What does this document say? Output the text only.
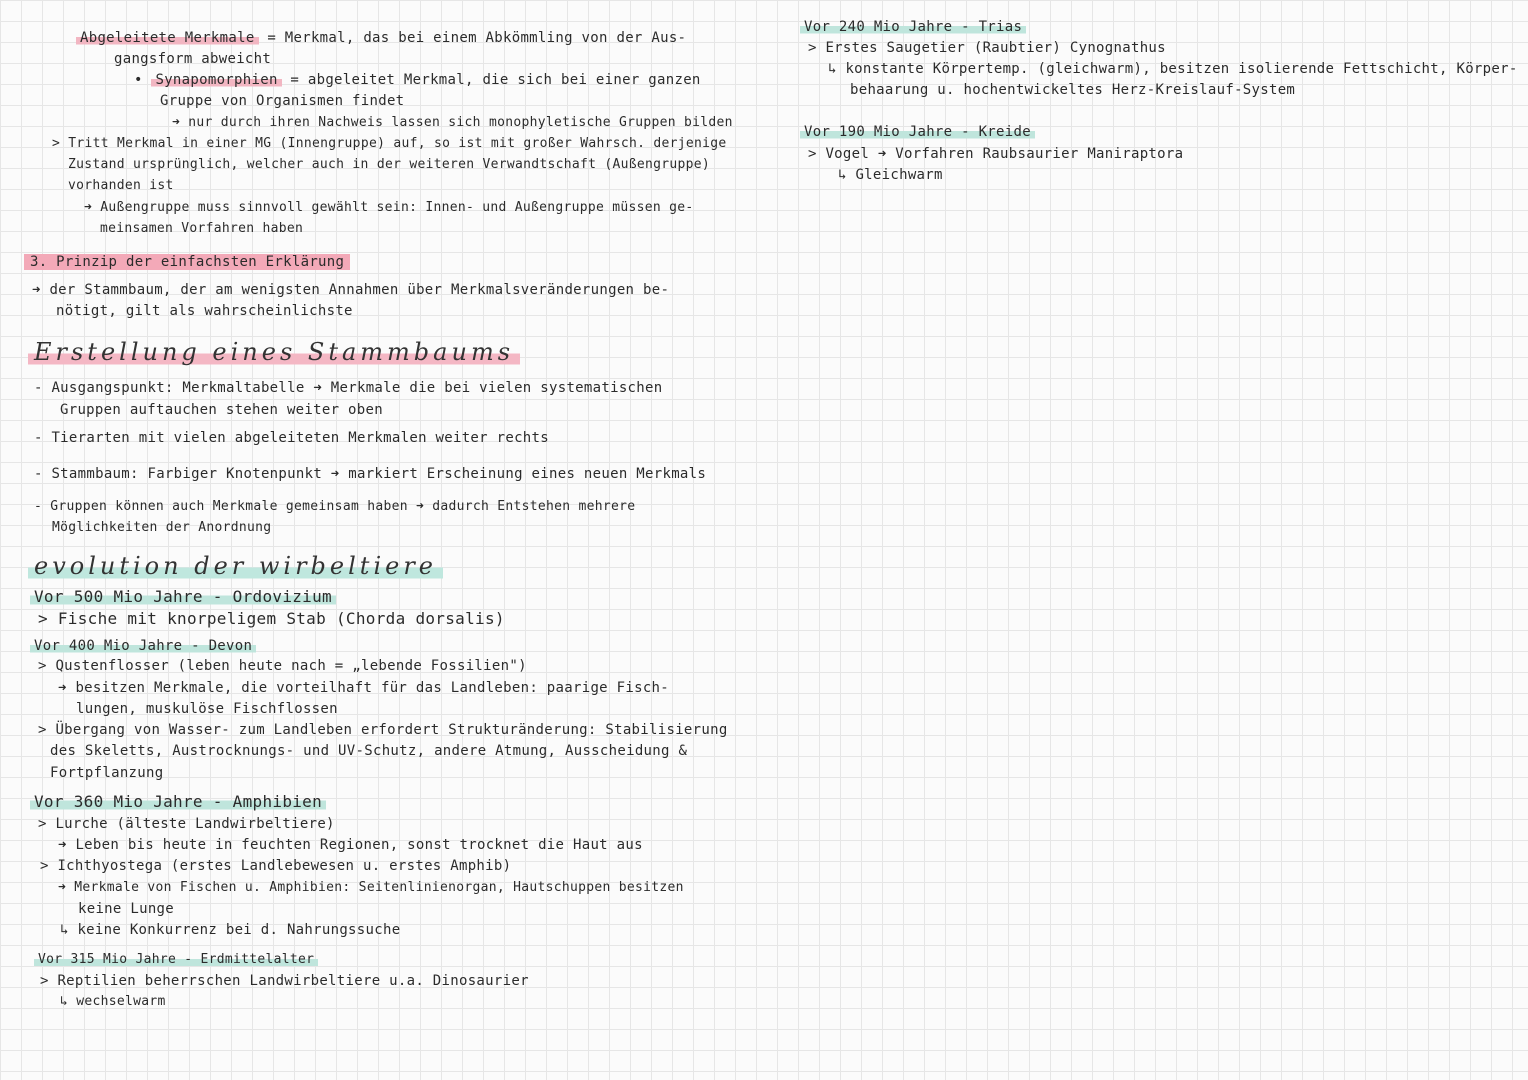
Abgeleitete Merkmale = Merkmal, das bei einem Abkömmling von der Aus-
gangsform abweicht
• Synapomorphien = abgeleitet Merkmal, die sich bei einer ganzen
Gruppe von Organismen findet
➜ nur durch ihren Nachweis lassen sich monophyletische Gruppen bilden
> Tritt Merkmal in einer MG (Innengruppe) auf, so ist mit großer Wahrsch. derjenige
Zustand ursprünglich, welcher auch in der weiteren Verwandtschaft (Außengruppe)
vorhanden ist
➜ Außengruppe muss sinnvoll gewählt sein: Innen- und Außengruppe müssen ge-
meinsamen Vorfahren haben
3. Prinzip der einfachsten Erklärung
➜ der Stammbaum, der am wenigsten Annahmen über Merkmalsveränderungen be-
nötigt, gilt als wahrscheinlichste
Erstellung eines Stammbaums
- Ausgangspunkt: Merkmaltabelle ➜ Merkmale die bei vielen systematischen
Gruppen auftauchen stehen weiter oben
- Tierarten mit vielen abgeleiteten Merkmalen weiter rechts
- Stammbaum: Farbiger Knotenpunkt ➜ markiert Erscheinung eines neuen Merkmals
- Gruppen können auch Merkmale gemeinsam haben ➜ dadurch Entstehen mehrere
Möglichkeiten der Anordnung
evolution der wirbeltiere
Vor 500 Mio Jahre - Ordovizium
> Fische mit knorpeligem Stab (Chorda dorsalis)
Vor 400 Mio Jahre - Devon
> Qustenflosser (leben heute nach = „lebende Fossilien")
➜ besitzen Merkmale, die vorteilhaft für das Landleben: paarige Fisch-
lungen, muskulöse Fischflossen
> Übergang von Wasser- zum Landleben erfordert Strukturänderung: Stabilisierung
des Skeletts, Austrocknungs- und UV-Schutz, andere Atmung, Ausscheidung &
Fortpflanzung
Vor 360 Mio Jahre - Amphibien
> Lurche (älteste Landwirbeltiere)
➜ Leben bis heute in feuchten Regionen, sonst trocknet die Haut aus
> Ichthyostega (erstes Landlebewesen u. erstes Amphib)
➜ Merkmale von Fischen u. Amphibien: Seitenlinienorgan, Hautschuppen besitzen
keine Lunge
↳ keine Konkurrenz bei d. Nahrungssuche
Vor 315 Mio Jahre - Erdmittelalter
> Reptilien beherrschen Landwirbeltiere u.a. Dinosaurier
↳ wechselwarm
Vor 240 Mio Jahre - Trias
> Erstes Saugetier (Raubtier) Cynognathus
↳ konstante Körpertemp. (gleichwarm), besitzen isolierende Fettschicht, Körper-
behaarung u. hochentwickeltes Herz-Kreislauf-System
Vor 190 Mio Jahre - Kreide
> Vogel ➜ Vorfahren Raubsaurier Maniraptora
↳ Gleichwarm
